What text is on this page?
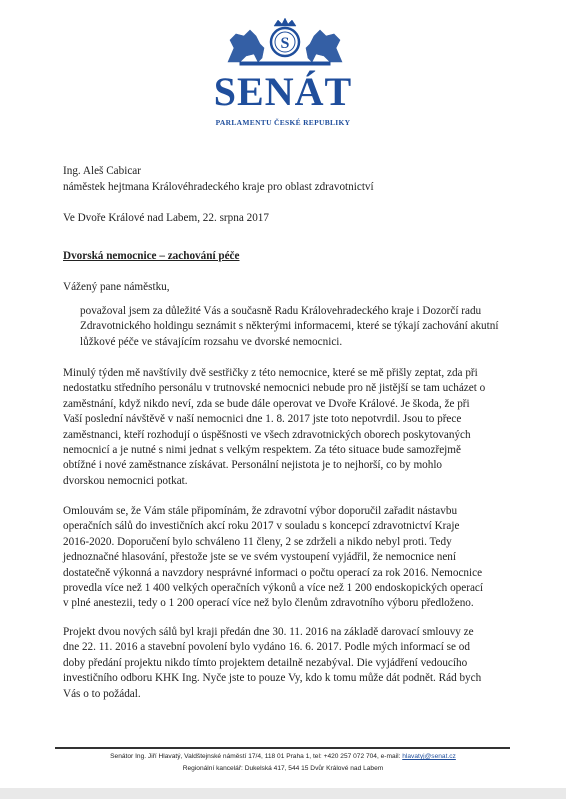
S
SENÁT
PARLAMENTU ČESKÉ REPUBLIKY
Ing. Aleš Cabicar
náměstek hejtmana Královéhradeckého kraje pro oblast zdravotnictví
Ve Dvoře Králové nad Labem, 22. srpna 2017
Dvorská nemocnice – zachování péče
Vážený pane náměstku,
považoval jsem za důležité Vás a současně Radu Královehradeckého kraje i Dozorčí radu
Zdravotnického holdingu seznámit s některými informacemi, které se týkají zachování akutní
lůžkové péče ve stávajícím rozsahu ve dvorské nemocnici.
Minulý týden mě navštívily dvě sestřičky z této nemocnice, které se mě přišly zeptat, zda při
nedostatku středního personálu v trutnovské nemocnici nebude pro ně jistější se tam ucházet o
zaměstnání, když nikdo neví, zda se bude dále operovat ve Dvoře Králové. Je škoda, že při
Vaší poslední návštěvě v naší nemocnici dne 1. 8. 2017 jste toto nepotvrdil. Jsou to přece
zaměstnanci, kteří rozhodují o úspěšnosti ve všech zdravotnických oborech poskytovaných
nemocnicí a je nutné s nimi jednat s velkým respektem. Za této situace bude samozřejmě
obtížné i nové zaměstnance získávat. Personální nejistota je to nejhorší, co by mohlo
dvorskou nemocnici potkat.
Omlouvám se, že Vám stále připomínám, že zdravotní výbor doporučil zařadit nástavbu
operačních sálů do investičních akcí roku 2017 v souladu s koncepcí zdravotnictví Kraje
2016-2020. Doporučení bylo schváleno 11 členy, 2 se zdrželi a nikdo nebyl proti. Tedy
jednoznačné hlasování, přestože jste se ve svém vystoupení vyjádřil, že nemocnice není
dostatečně výkonná a navzdory nesprávné informaci o počtu operací za rok 2016. Nemocnice
provedla více než 1 400 velkých operačních výkonů a více než 1 200 endoskopických operací
v plné anestezii, tedy o 1 200 operací více než bylo členům zdravotního výboru předloženo.
Projekt dvou nových sálů byl kraji předán dne 30. 11. 2016 na základě darovací smlouvy ze
dne 22. 11. 2016 a stavební povolení bylo vydáno 16. 6. 2017. Podle mých informací se od
doby předání projektu nikdo tímto projektem detailně nezabýval. Die vyjádření vedoucího
investičního odboru KHK Ing. Nyče jste to pouze Vy, kdo k tomu může dát podnět. Rád bych
Vás o to požádal.
Senátor Ing. Jiří Hlavatý, Valdštejnské náměstí 17/4, 118 01 Praha 1, tel: +420 257 072 704, e-mail: hlavatyj@senat.cz
Regionální kancelář: Dukelská 417, 544 15 Dvůr Králové nad Labem
